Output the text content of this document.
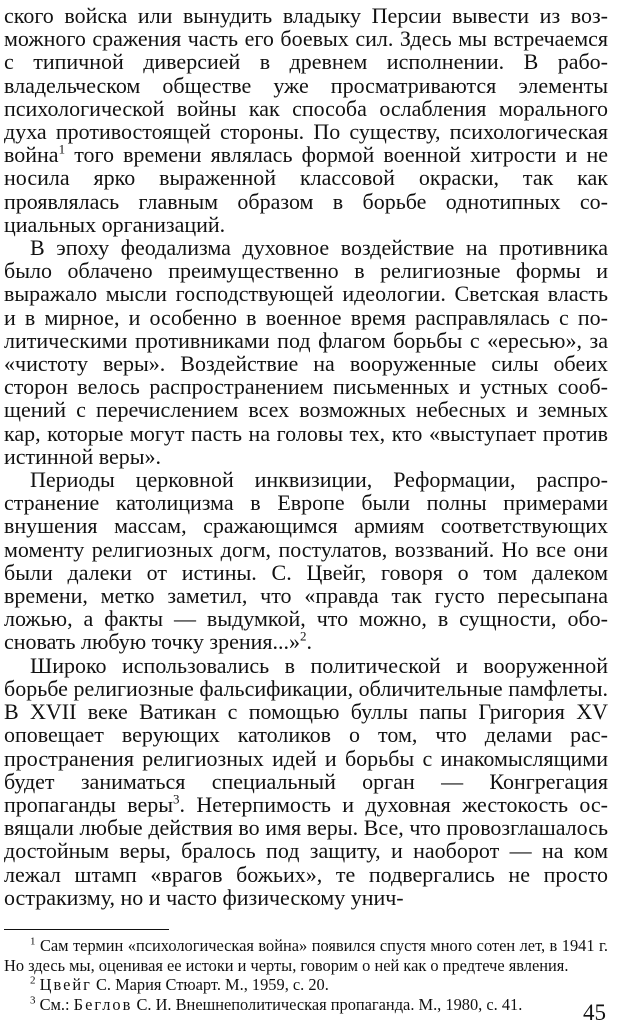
ского войска или вынудить владыку Персии вывести из возможного сражения часть его боевых сил. Здесь мы встречаемся с типичной диверсией в древнем исполнении. В рабовладельческом обществе уже просматриваются элементы психологической войны как способа ослабления морального духа противостоящей стороны. По существу, психологическая война$^1$ того времени являлась формой военной хитрости и не носила ярко выраженной классовой окраски, так как проявлялась главным образом в борьбе однотипных социальных организаций.

В эпоху феодализма духовное воздействие на противника было облачено преимущественно в религиозные формы и выражало мысли господствующей идеологии. Светская власть и в мирное, и особенно в военное время расправлялась с политическими противниками под флагом борьбы с «ересью», за «чистоту веры». Воздействие на вооруженные силы обеих сторон велось распространением письменных и устных сообщений с перечислением всех возможных небесных и земных кар, которые могут пасть на головы тех, кто «выступает против истинной веры».

Периоды церковной инквизиции, Реформации, распространение католицизма в Европе были полны примерами внушения массам, сражающимся армиям соответствующих моменту религиозных догм, постулатов, воззваний. Но все они были далеки от истины. С. Цвейг, говоря о том далеком времени, метко заметил, что «правда так густо пересыпана ложью, а факты — выдумкой, что можно, в сущности, обосновать любую точку зрения...»$^2$.

Широко использовались в политической и вооруженной борьбе религиозные фальсификации, обличительные памфлеты. В XVII веке Ватикан с помощью буллы папы Григория XV оповещает верующих католиков о том, что делами распространения религиозных идей и борьбы с инакомыслящими будет заниматься специальный орган — Конгрегация пропаганды веры$^3$. Нетерпимость и духовная жестокость освящали любые действия во имя веры. Все, что провозглашалось достойным веры, бралось под защиту, и наоборот — на ком лежал штамп «врагов божьих», те подвергались не просто остракизму, но и часто физическому унич-

$^1$ Сам термин «психологическая война» появился спустя много сотен лет, в 1941 г. Но здесь мы, оценивая ее истоки и черты, говорим о ней как о предтече явления.

$^2$ Цвейг С. Мария Стюарт. М., 1959, с. 20.

$^3$ См.: Беглов С. И. Внешнеполитическая пропаганда. М., 1980, с. 41.	45
